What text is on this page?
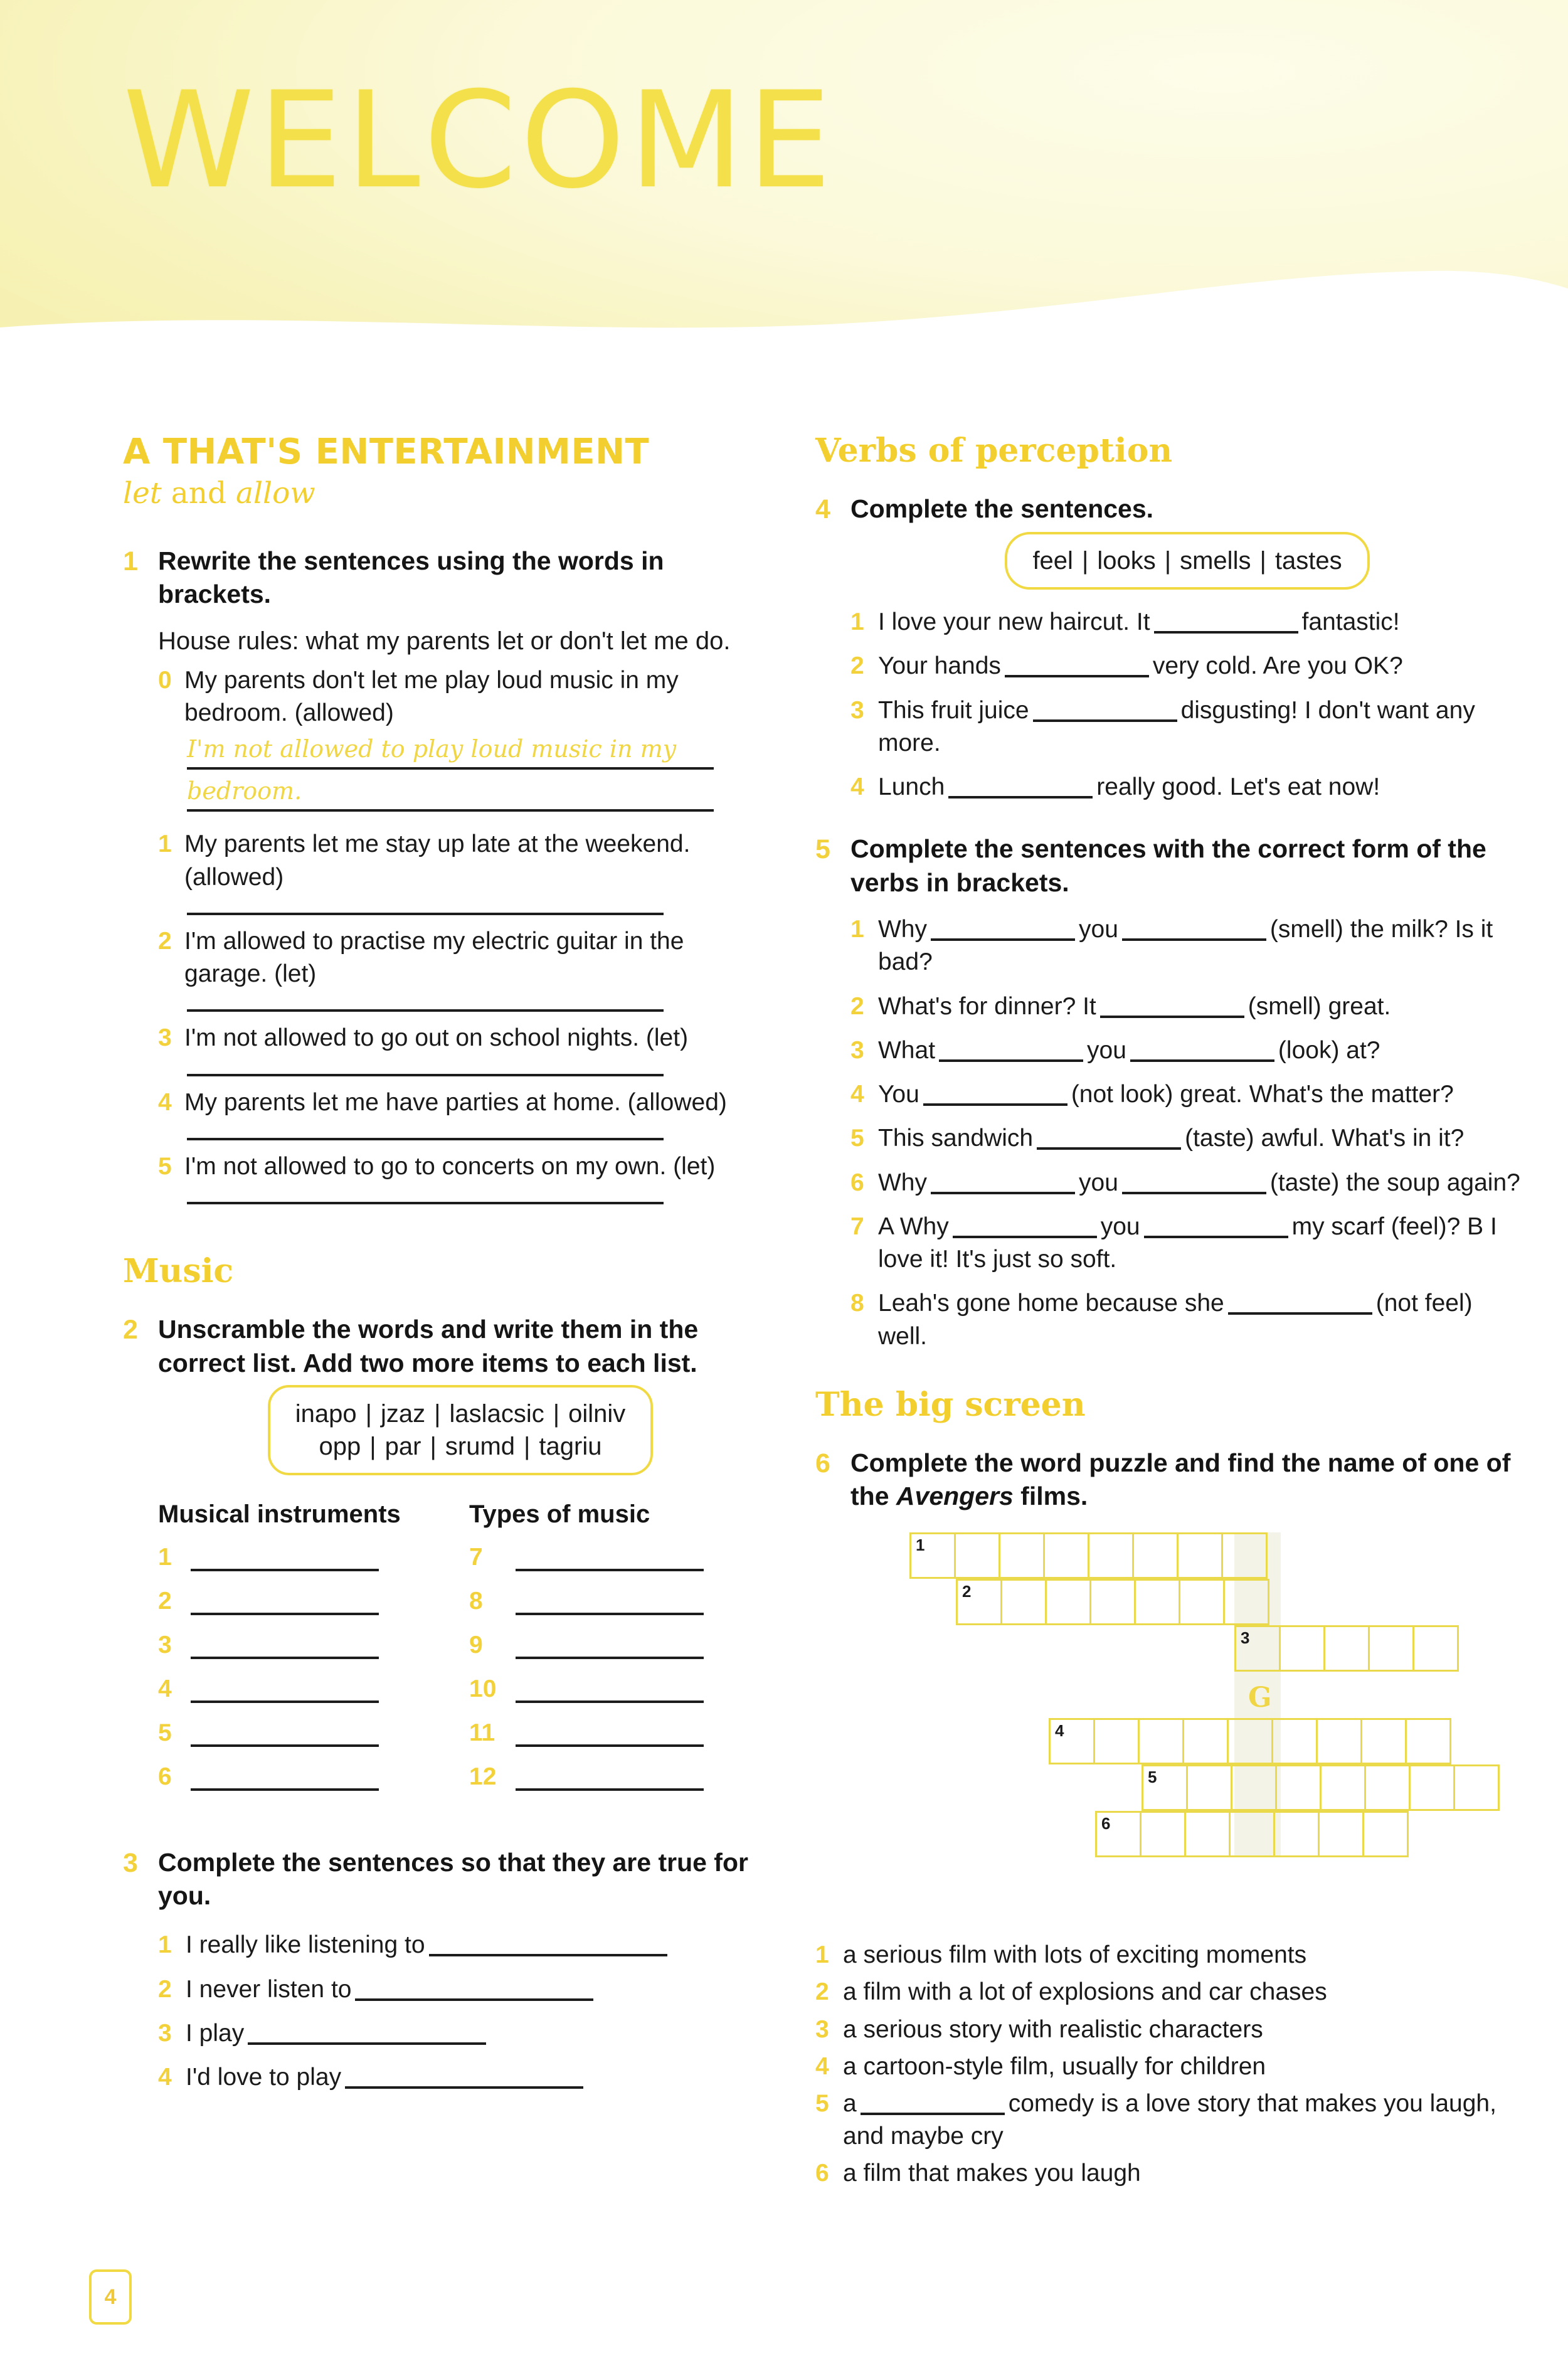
WELCOME
A THAT'S ENTERTAINMENT
let and allow
1 Rewrite the sentences using the words in brackets.
House rules: what my parents let or don't let me do.
0 My parents don't let me play loud music in my bedroom. (allowed)
I'm not allowed to play loud music in my
bedroom.
1 My parents let me stay up late at the weekend. (allowed)
2 I'm allowed to practise my electric guitar in the garage. (let)
3 I'm not allowed to go out on school nights. (let)
4 My parents let me have parties at home. (allowed)
5 I'm not allowed to go to concerts on my own. (let)
Music
2 Unscramble the words and write them in the correct list. Add two more items to each list.
inapo | jzaz | laslacsic | oilniv
opp | par | srumd | tagriu
Musical instruments
1
2
3
4
5
6
Types of music
7
8
9
10
11
12
3 Complete the sentences so that they are true for you.
1 I really like listening to
2 I never listen to
3 I play
4 I'd love to play
Verbs of perception
4 Complete the sentences.
feel | looks | smells | tastes
1 I love your new haircut. It	fantastic!
2 Your hands	very cold. Are you OK?
3 This fruit juice	disgusting! I don't want any more.
4 Lunch	really good. Let's eat now!
5 Complete the sentences with the correct form of the verbs in brackets.
1 Why	you	(smell) the milk? Is it bad?
2 What's for dinner? It	(smell) great.
3 What	you	(look) at?
4 You	(not look) great. What's the matter?
5 This sandwich	(taste) awful. What's in it?
6 Why	you	(taste) the soup again?
7 A Why	you	my scarf (feel)? B I love it! It's just so soft.
8 Leah's gone home because she	(not feel) well.
The big screen
6 Complete the word puzzle and find the name of one of the Avengers films.
G
1
2
3
4
5
6
1 a serious film with lots of exciting moments
2 a film with a lot of explosions and car chases
3 a serious story with realistic characters
4 a cartoon-style film, usually for children
5 a	comedy is a love story that makes you laugh, and maybe cry
6 a film that makes you laugh
4
